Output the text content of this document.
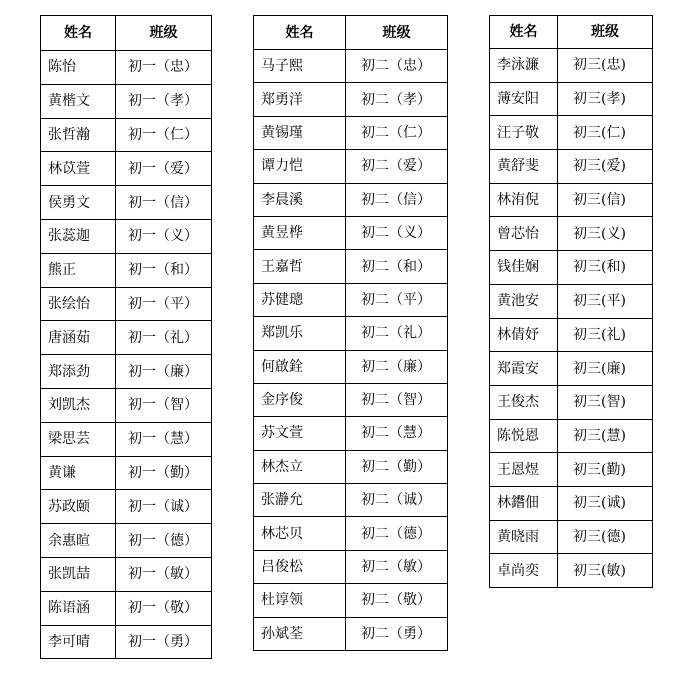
姓名	班级
陈怡	初一（忠）
黄楷文	初一（孝）
张哲瀚	初一（仁）
林苡萱	初一（爱）
侯勇文	初一（信）
张蕊迦	初一（义）
熊正	初一（和）
张绘怡	初一（平）
唐涵茹	初一（礼）
郑添劲	初一（廉）
刘凯杰	初一（智）
梁思芸	初一（慧）
黄谦	初一（勤）
苏政颐	初一（诚）
余惠暄	初一（德）
张凯喆	初一（敏）
陈语涵	初一（敬）
李可晴	初一（勇）
姓名	班级
马子熙	初二（忠）
郑勇洋	初二（孝）
黄锡瑾	初二（仁）
谭力恺	初二（爱）
李晨溪	初二（信）
黄昱桦	初二（义）
王嘉哲	初二（和）
苏健璁	初二（平）
郑凯乐	初二（礼）
何啟銓	初二（廉）
金序俊	初二（智）
苏文萱	初二（慧）
林杰立	初二（勤）
张瀞允	初二（诚）
林芯贝	初二（德）
吕俊松	初二（敏）
杜谆领	初二（敬）
孙斌荃	初二（勇）
姓名	班级
李泳濂	初三(忠)
薄安阳	初三(孝)
汪子敬	初三(仁)
黄舒斐	初三(爱)
林洧倪	初三(信)
曾芯怡	初三(义)
钱佳娴	初三(和)
黄池安	初三(平)
林倩妤	初三(礼)
郑霞安	初三(廉)
王俊杰	初三(智)
陈悦恩	初三(慧)
王恩煜	初三(勤)
林鑙佃	初三(诚)
黄晓雨	初三(德)
卓尚奕	初三(敏)
